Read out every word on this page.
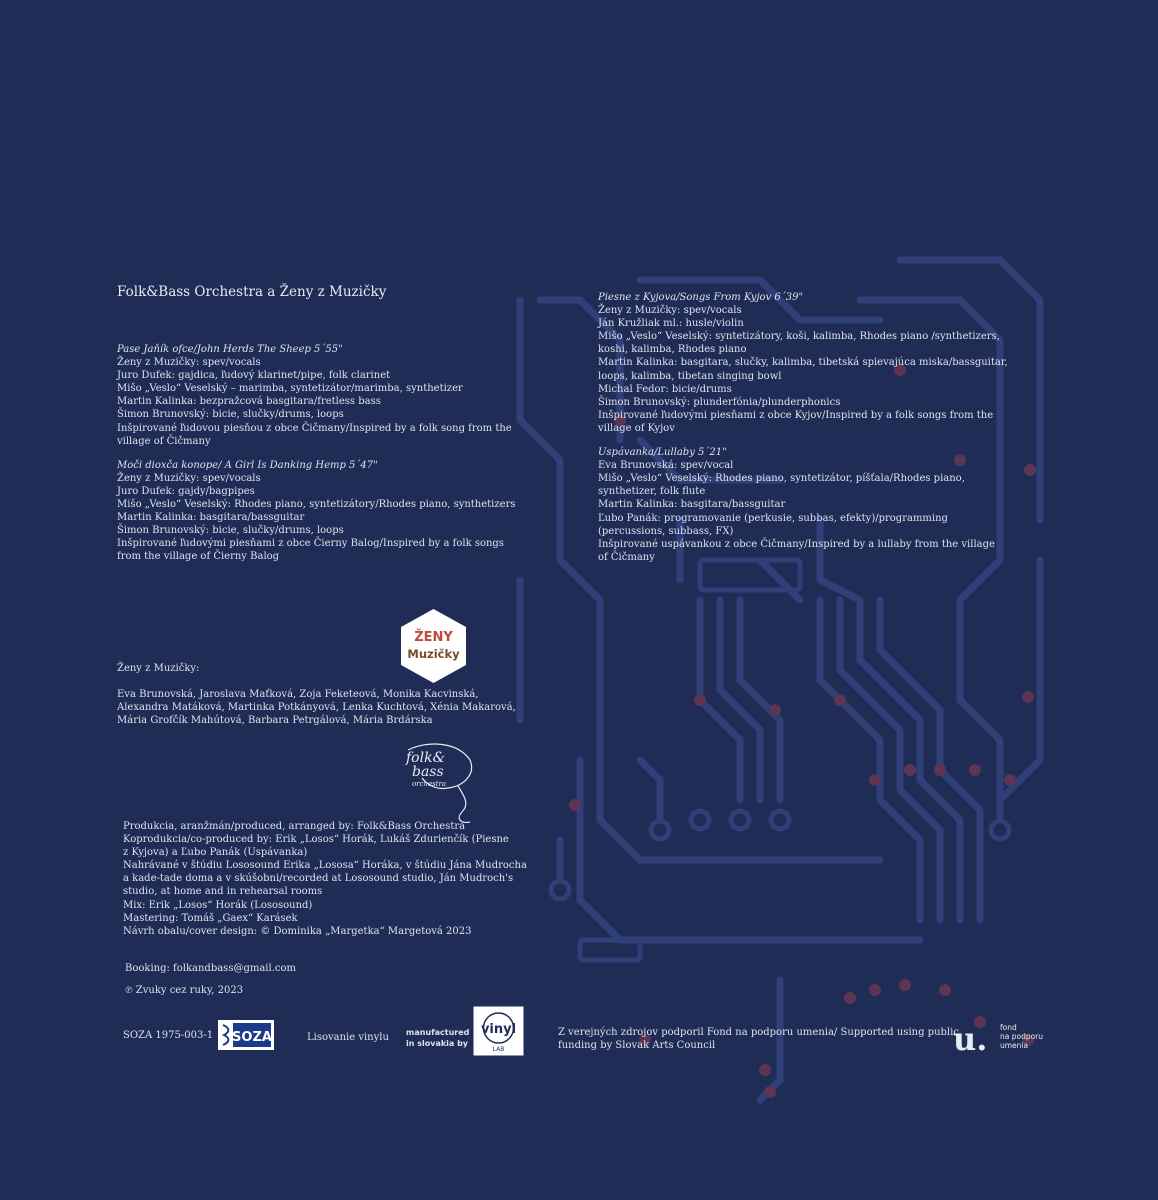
Folk&Bass Orchestra a Ženy z Muzičky
Pase Jaňík ofce/John Herds The Sheep 5´55"
Ženy z Muzičky: spev/vocals
Juro Dufek: gajdica, ľudový klarinet/pipe, folk clarinet
Mišo „Veslo“ Veselský – marimba, syntetizátor/marimba, synthetizer
Martin Kalinka: bezpražcová basgitara/fretless bass
Šimon Brunovský: bicie, slučky/drums, loops
Inšpirované ľudovou piesňou z obce Čičmany/Inspired by a folk song from the
village of Čičmany
Moči dioxča konope/ A Girl Is Danking Hemp 5´47"
Ženy z Muzičky: spev/vocals
Juro Dufek: gajdy/bagpipes
Mišo „Veslo“ Veselský: Rhodes piano, syntetizátory/Rhodes piano, synthetizers
Martin Kalinka: basgitara/bassguitar
Šimon Brunovský: bicie, slučky/drums, loops
Inšpirované ľudovými piesňami z obce Čierny Balog/Inspired by a folk songs
from the village of Čierny Balog
Piesne z Kyjova/Songs From Kyjov 6´39"
Ženy z Muzičky: spev/vocals
Ján Kružliak ml.: husle/violin
Mišo „Veslo“ Veselský: syntetizátory, koši, kalimba, Rhodes piano /synthetizers,
koshi, kalimba, Rhodes piano
Martin Kalinka: basgitara, slučky, kalimba, tibetská spievajúca miska/bassguitar,
loops, kalimba, tibetan singing bowl
Michal Fedor: bicie/drums
Šimon Brunovský: plunderfónia/plunderphonics
Inšpirované ľudovými piesňami z obce Kyjov/Inspired by a folk songs from the
village of Kyjov
Uspávanka/Lullaby 5´21"
Eva Brunovská: spev/vocal
Mišo „Veslo“ Veselský: Rhodes piano, syntetizátor, píšťala/Rhodes piano,
synthetizer, folk flute
Martin Kalinka: basgitara/bassguitar
Ľubo Panák: programovanie (perkusie, subbas, efekty)/programming
(percussions, subbass, FX)
Inšpirované uspávankou z obce Čičmany/Inspired by a lullaby from the village
of Čičmany
ŽENY
Muzičky
Ženy z Muzičky:
Eva Brunovská, Jaroslava Maťková, Zoja Feketeová, Monika Kacvinská,
Alexandra Matáková, Martinka Potkányová, Lenka Kuchtová, Xénia Makarová,
Mária Grofčík Mahútová, Barbara Petrgálová, Mária Brdárska
folk&
bass
orchestra
Produkcia, aranžmán/produced, arranged by: Folk&Bass Orchestra
Koprodukcia/co-produced by: Erik „Losos“ Horák, Lukáš Zdurienčík (Piesne
z Kyjova) a Ľubo Panák (Uspávanka)
Nahrávané v štúdiu Lososound Erika „Lososa“ Horáka, v štúdiu Jána Mudrocha
a kade-tade doma a v skúšobni/recorded at Lososound studio, Ján Mudroch's
studio, at home and in rehearsal rooms
Mix: Erik „Losos“ Horák (Lososound)
Mastering: Tomáš „Gaex“ Karásek
Návrh obalu/cover design: © Dominika „Margetka“ Margetová 2023
Booking: folkandbass@gmail.com
℗ Zvuky cez ruky, 2023
SOZA 1975-003-1 SOZA	Lisovanie vinylu manufactured
in slovakia by
vinyl
LAB
Z verejných zdrojov podporil Fond na podporu umenia/ Supported using public
funding by Slovak Arts Council	u. fond
na podporu
umenia
